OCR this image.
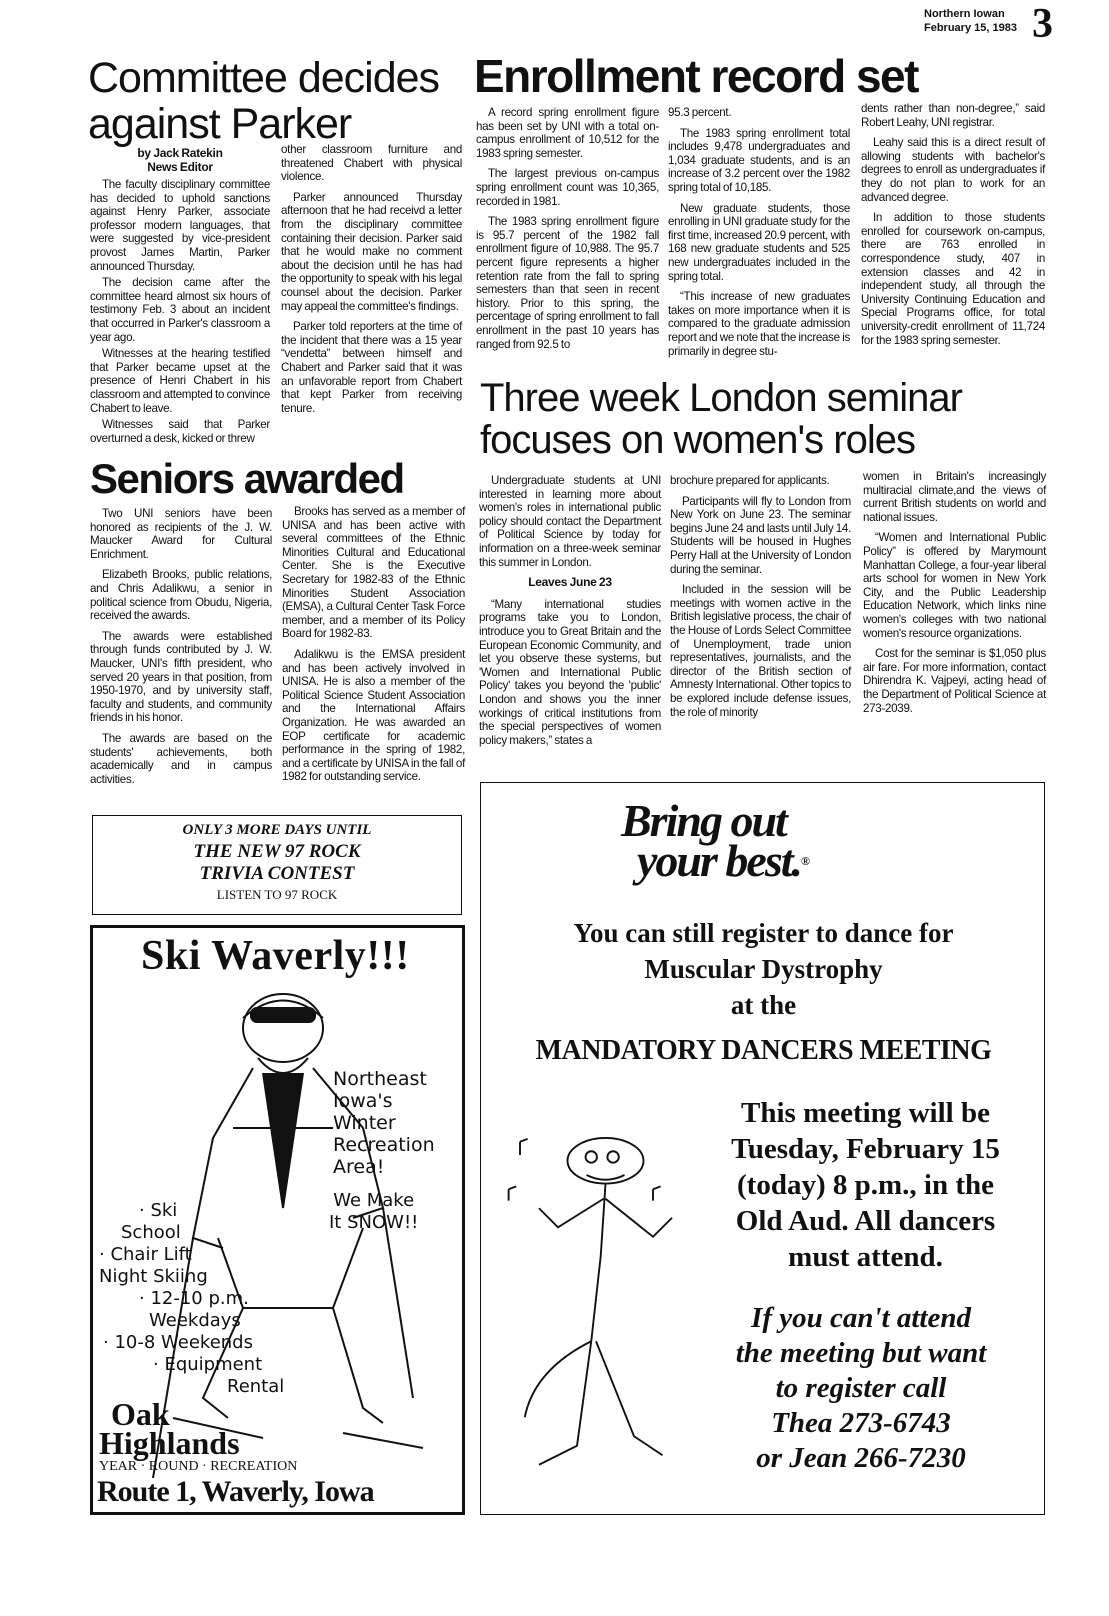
Northern Iowan
February 15, 1983 3
Committee decides
against Parker
by Jack Ratekin
News Editor

The faculty disciplinary committee has decided to uphold sanctions against Henry Parker, associate professor modern languages, that were suggested by vice-president provost James Martin, Parker announced Thursday.

The decision came after the committee heard almost six hours of testimony Feb. 3 about an incident that occurred in Parker's classroom a year ago.

Witnesses at the hearing testified that Parker became upset at the presence of Henri Chabert in his classroom and attempted to convince Chabert to leave.

Witnesses said that Parker overturned a desk, kicked or threw

other classroom furniture and threatened Chabert with physical violence.

Parker announced Thursday afternoon that he had receivd a letter from the disciplinary committee containing their decision. Parker said that he would make no comment about the decision until he has had the opportunity to speak with his legal counsel about the decision. Parker may appeal the committee's findings.

Parker told reporters at the time of the incident that there was a 15 year “vendetta” between himself and Chabert and Parker said that it was an unfavorable report from Chabert that kept Parker from receiving tenure.

Enrollment record set

A record spring enrollment figure has been set by UNI with a total on-campus enrollment of 10,512 for the 1983 spring semester.

The largest previous on-campus spring enrollment count was 10,365, recorded in 1981.

The 1983 spring enrollment figure is 95.7 percent of the 1982 fall enrollment figure of 10,988. The 95.7 percent figure represents a higher retention rate from the fall to spring semesters than that seen in recent history. Prior to this spring, the percentage of spring enrollment to fall enrollment in the past 10 years has ranged from 92.5 to

95.3 percent.

The 1983 spring enrollment total includes 9,478 undergraduates and 1,034 graduate students, and is an increase of 3.2 percent over the 1982 spring total of 10,185.

New graduate students, those enrolling in UNI graduate study for the first time, increased 20.9 percent, with 168 new graduate students and 525 new undergraduates included in the spring total.

“This increase of new graduates takes on more importance when it is compared to the graduate admission report and we note that the increase is primarily in degree stu-

dents rather than non-degree,” said Robert Leahy, UNI registrar.

Leahy said this is a direct result of allowing students with bachelor's degrees to enroll as undergraduates if they do not plan to work for an advanced degree.

In addition to those students enrolled for coursework on-campus, there are 763 enrolled in correspondence study, 407 in extension classes and 42 in independent study, all through the University Continuing Education and Special Programs office, for total university-credit enrollment of 11,724 for the 1983 spring semester.

Three week London seminar
focuses on women's roles

Undergraduate students at UNI interested in learning more about women's roles in international public policy should contact the Department of Political Science by today for information on a three-week seminar this summer in London.

Leaves June 23

“Many international studies programs take you to London, introduce you to Great Britain and the European Economic Community, and let you observe these systems, but 'Women and International Public Policy' takes you beyond the 'public' London and shows you the inner workings of critical institutions from the special perspectives of women policy makers,” states a

brochure prepared for applicants.

Participants will fly to London from New York on June 23. The seminar begins June 24 and lasts until July 14. Students will be housed in Hughes Perry Hall at the University of London during the seminar.

Included in the session will be meetings with women active in the British legislative process, the chair of the House of Lords Select Committee of Unemployment, trade union representatives, journalists, and the director of the British section of Amnesty International. Other topics to be explored include defense issues, the role of minority

women in Britain's increasingly multiracial climate,and the views of current British students on world and national issues.

“Women and International Public Policy” is offered by Marymount Manhattan College, a four-year liberal arts school for women in New York City, and the Public Leadership Education Network, which links nine women's colleges with two national women's resource organizations.

Cost for the seminar is $1,050 plus air fare. For more information, contact Dhirendra K. Vajpeyi, acting head of the Department of Political Science at 273-2039.

Seniors awarded

Two UNI seniors have been honored as recipients of the J. W. Maucker Award for Cultural Enrichment.

Elizabeth Brooks, public relations, and Chris Adalikwu, a senior in political science from Obudu, Nigeria, received the awards.

The awards were established through funds contributed by J. W. Maucker, UNI's fifth president, who served 20 years in that position, from 1950-1970, and by university staff, faculty and students, and community friends in his honor.

The awards are based on the students' achievements, both academically and in campus activities.

Brooks has served as a member of UNISA and has been active with several committees of the Ethnic Minorities Cultural and Educational Center. She is the Executive Secretary for 1982-83 of the Ethnic Minorities Student Association (EMSA), a Cultural Center Task Force member, and a member of its Policy Board for 1982-83.

Adalikwu is the EMSA president and has been actively involved in UNISA. He is also a member of the Political Science Student Association and the International Affairs Organization. He was awarded an EOP certificate for academic performance in the spring of 1982, and a certificate by UNISA in the fall of 1982 for outstanding service.

ONLY 3 MORE DAYS UNTIL
THE NEW 97 ROCK
TRIVIA CONTEST
LISTEN TO 97 ROCK
Ski Waverly!!!
Northeast
Iowa's
Winter
Recreation
Area!
We Make
It SNOW!!
· Ski
School
· Chair Lift
Night Skiing
· 12-10 p.m.
Weekdays
· 10-8 Weekends
· Equipment
Rental
Oak
Highlands
YEAR · ROUND · RECREATION
Route 1, Waverly, Iowa
Bring out
your best.®
You can still register to dance for
Muscular Dystrophy
at the
MANDATORY DANCERS MEETING
This meeting will be
Tuesday, February 15
(today) 8 p.m., in the
Old Aud. All dancers
must attend.
If you can't attend
the meeting but want
to register call
Thea 273-6743
or Jean 266-7230
